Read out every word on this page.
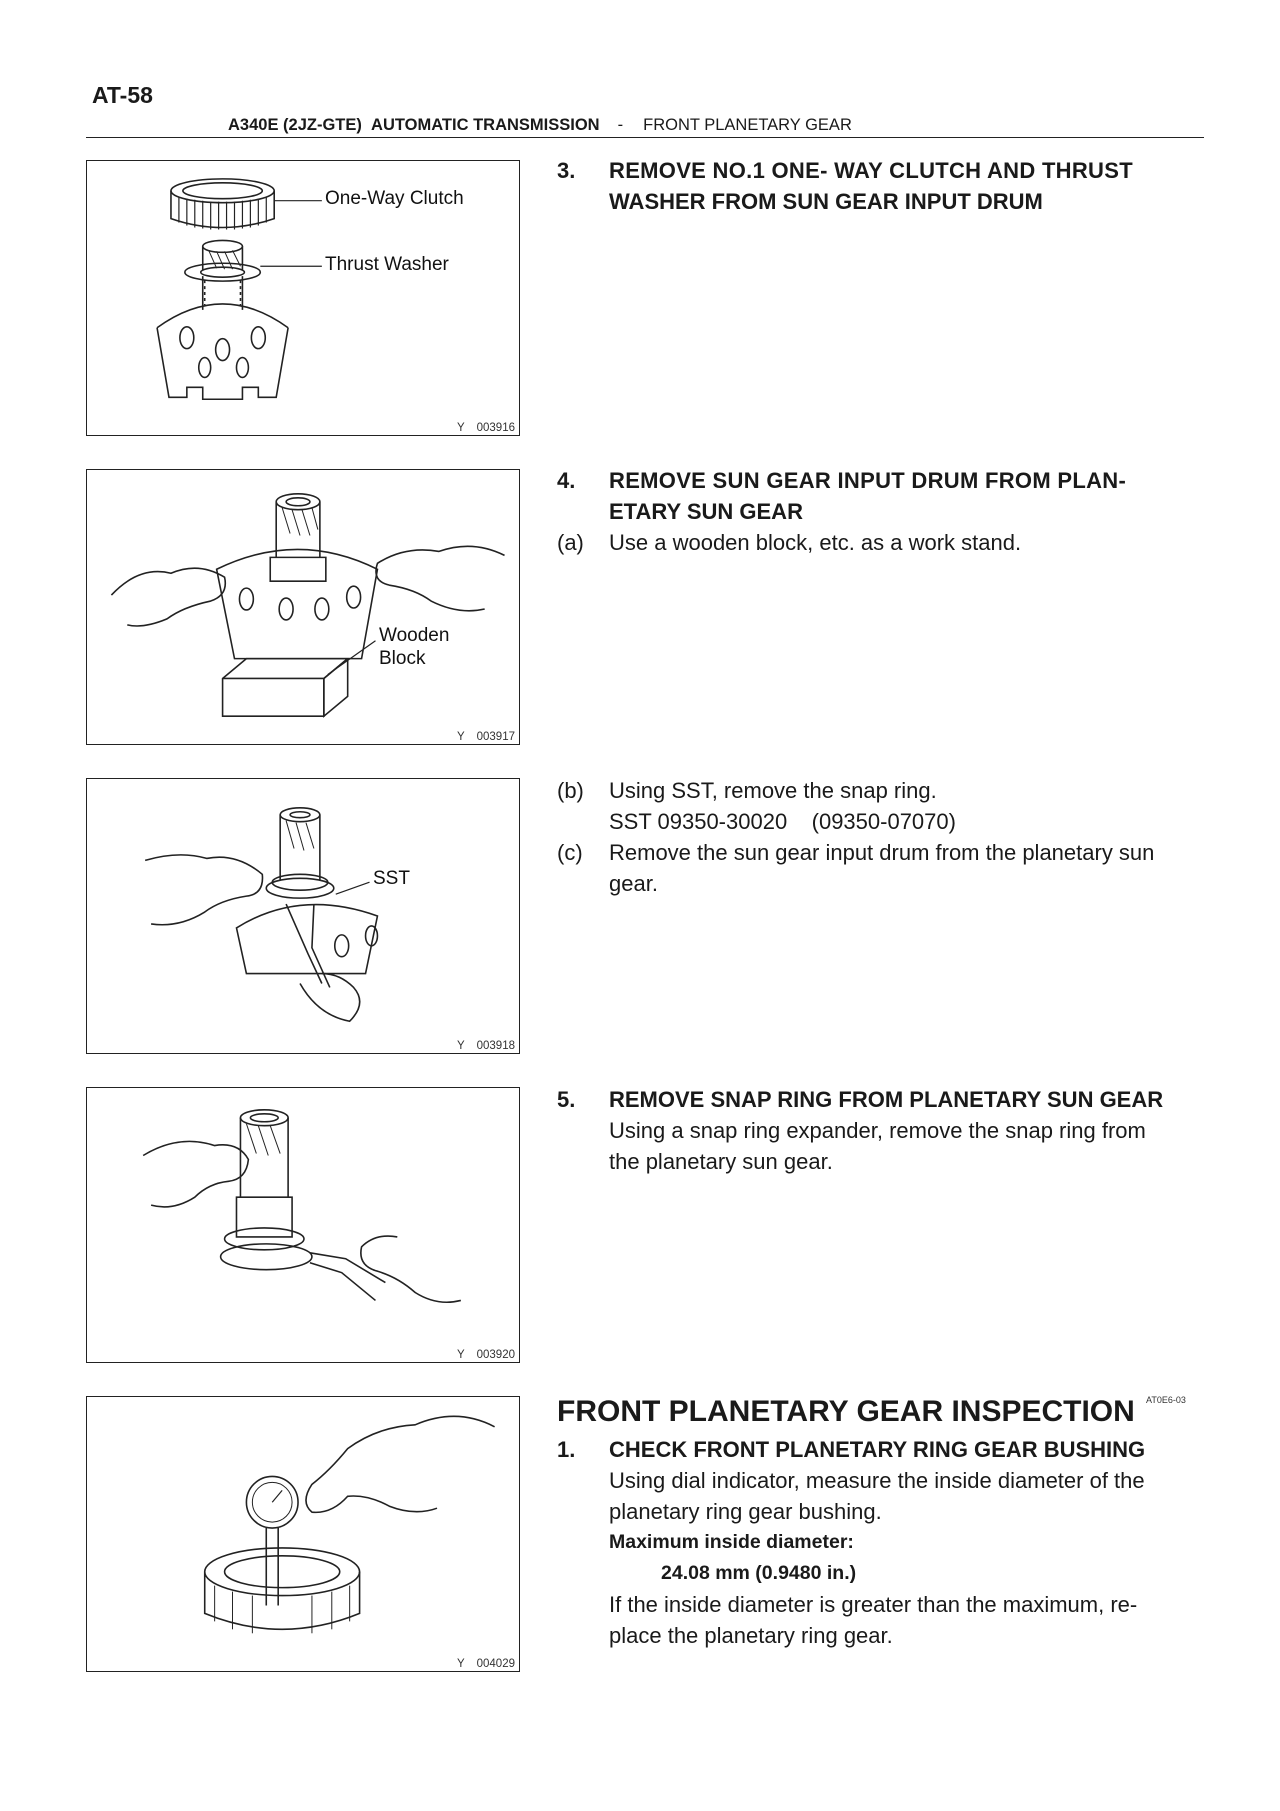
AT-58
A340E (2JZ-GTE) AUTOMATIC TRANSMISSION - FRONT PLANETARY GEAR
One-Way Clutch
Thrust Washer
Y 003916
Wooden
Block
Y 003917
SST
Y 003918
Y 003920
Y 004029
3. REMOVE NO.1 ONE- WAY CLUTCH AND THRUST
WASHER FROM SUN GEAR INPUT DRUM
4. REMOVE SUN GEAR INPUT DRUM FROM PLAN-
ETARY SUN GEAR
(a) Use a wooden block, etc. as a work stand.
(b) Using SST, remove the snap ring.
SST 09350-30020    (09350-07070)
(c) Remove the sun gear input drum from the planetary sun
gear.
5. REMOVE SNAP RING FROM PLANETARY SUN GEAR
Using a snap ring expander, remove the snap ring from
the planetary sun gear.
AT0E6-03
FRONT PLANETARY GEAR INSPECTION
1. CHECK FRONT PLANETARY RING GEAR BUSHING
Using dial indicator, measure the inside diameter of the
planetary ring gear bushing.
Maximum inside diameter:
24.08 mm (0.9480 in.)
If the inside diameter is greater than the maximum, re-
place the planetary ring gear.
